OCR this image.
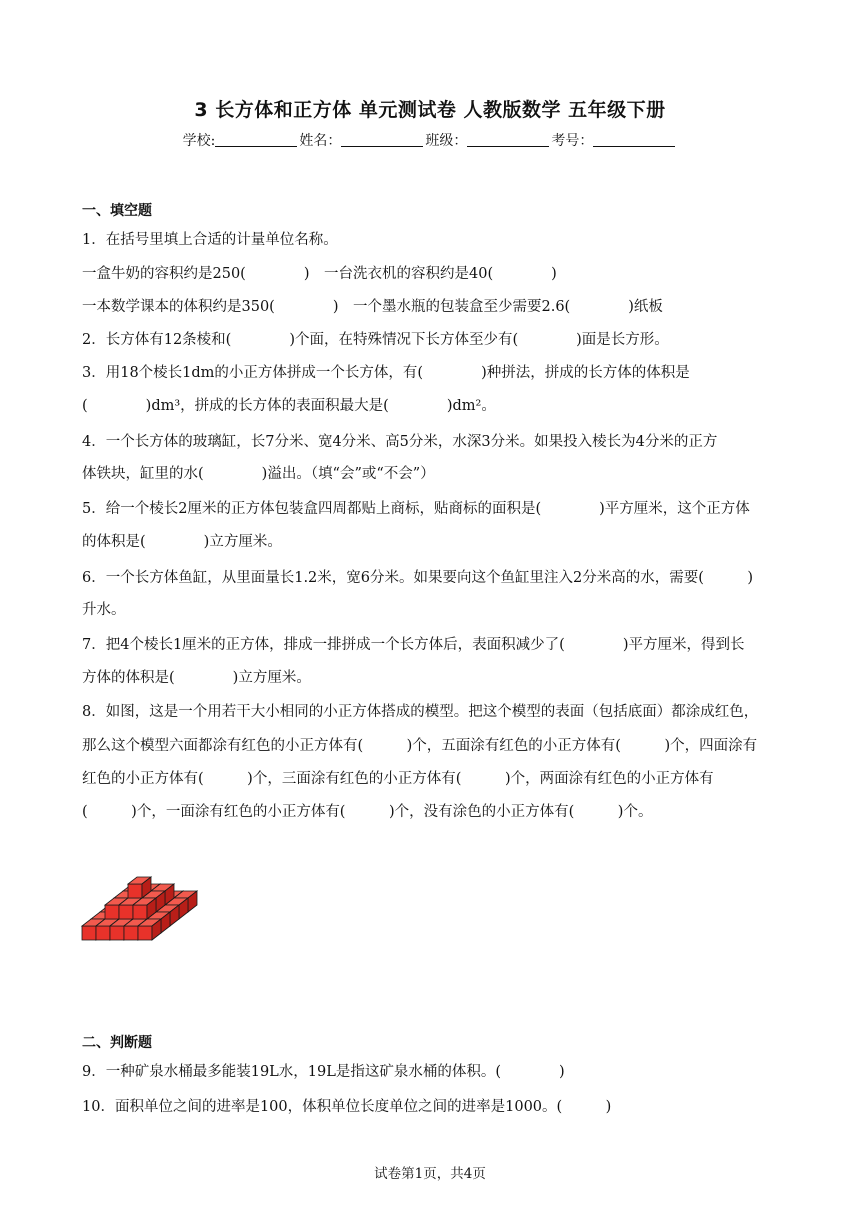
3 长方体和正方体 单元测试卷 人教版数学 五年级下册
学校:	姓名：	班级：	考号：
一、填空题
1．在括号里填上合适的计量单位名称。
一盒牛奶的容积约是250(　　　　)　一台洗衣机的容积约是40(　　　　)
一本数学课本的体积约是350(　　　　)　一个墨水瓶的包装盒至少需要2.6(　　　　)纸板
2．长方体有12条棱和(　　　　)个面，在特殊情况下长方体至少有(　　　　)面是长方形。
3．用18个棱长1dm的小正方体拼成一个长方体，有(　　　　)种拼法，拼成的长方体的体积是
(　　　　)dm³，拼成的长方体的表面积最大是(　　　　)dm²。
4．一个长方体的玻璃缸，长7分米、宽4分米、高5分米，水深3分米。如果投入棱长为4分米的正方
体铁块，缸里的水(　　　　)溢出。（填“会”或“不会”）
5．给一个棱长2厘米的正方体包装盒四周都贴上商标，贴商标的面积是(　　　　)平方厘米，这个正方体
的体积是(　　　　)立方厘米。
6．一个长方体鱼缸，从里面量长1.2米，宽6分米。如果要向这个鱼缸里注入2分米高的水，需要(　　　)
升水。
7．把4个棱长1厘米的正方体，排成一排拼成一个长方体后，表面积减少了(　　　　)平方厘米，得到长
方体的体积是(　　　　)立方厘米。
8．如图，这是一个用若干大小相同的小正方体搭成的模型。把这个模型的表面（包括底面）都涂成红色，
那么这个模型六面都涂有红色的小正方体有(　　　)个，五面涂有红色的小正方体有(　　　)个，四面涂有
红色的小正方体有(　　　)个，三面涂有红色的小正方体有(　　　)个，两面涂有红色的小正方体有
(　　　)个，一面涂有红色的小正方体有(　　　)个，没有涂色的小正方体有(　　　)个。
二、判断题
9．一种矿泉水桶最多能装19L水，19L是指这矿泉水桶的体积。(　　　　)
10．面积单位之间的进率是100，体积单位长度单位之间的进率是1000。(　　　)
试卷第1页，共4页
